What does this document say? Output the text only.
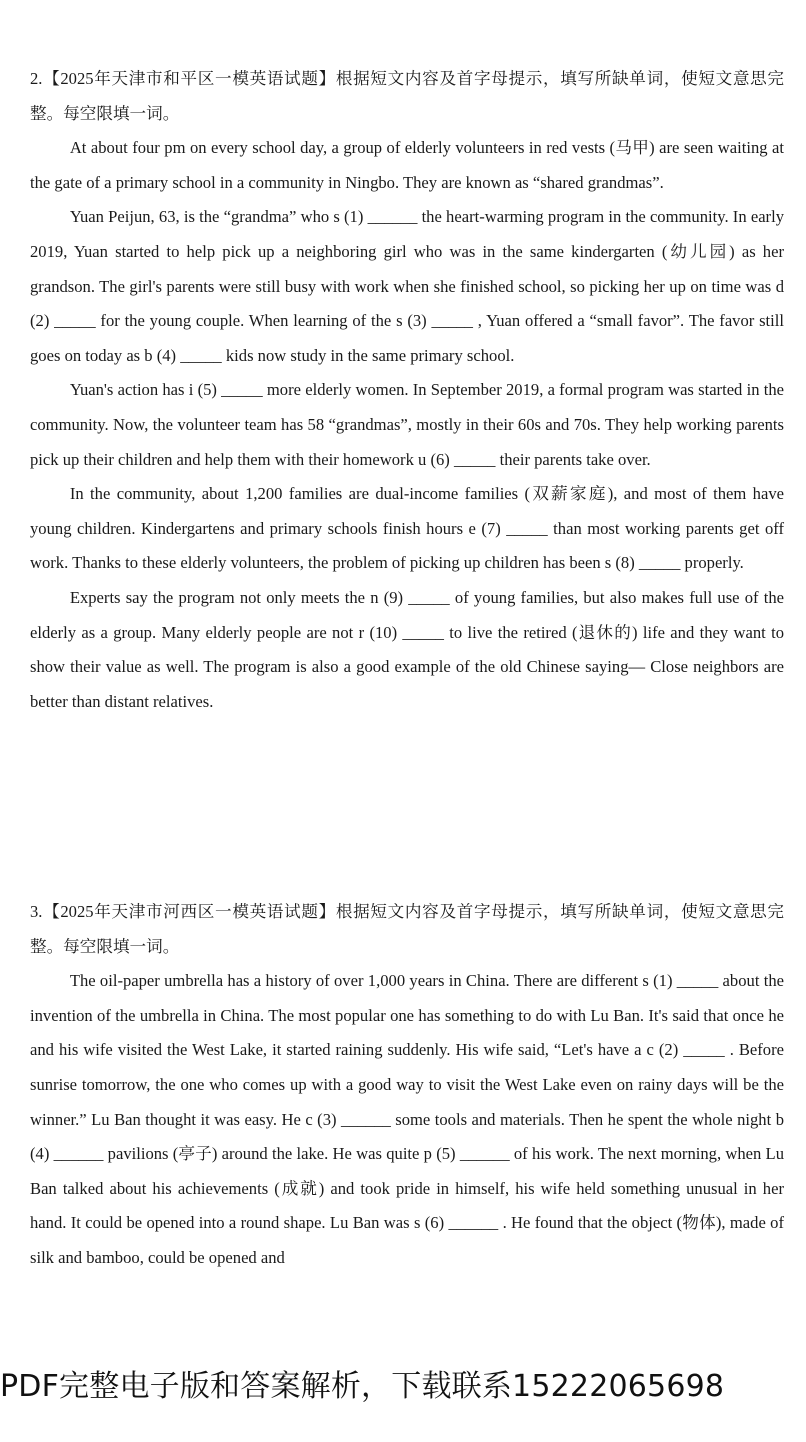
2.【2025年天津市和平区一模英语试题】根据短文内容及首字母提示，填写所缺单词，使短文意思完整。每空限填一词。

At about four pm on every school day, a group of elderly volunteers in red vests (马甲) are seen waiting at the gate of a primary school in a community in Ningbo. They are known as “shared grandmas”.

Yuan Peijun, 63, is the “grandma” who s (1) ______ the heart-warming program in the community. In early 2019, Yuan started to help pick up a neighboring girl who was in the same kindergarten (幼儿园) as her grandson. The girl's parents were still busy with work when she finished school, so picking her up on time was d (2) _____ for the young couple. When learning of the s (3) _____ , Yuan offered a “small favor”. The favor still goes on today as b (4) _____ kids now study in the same primary school.

Yuan's action has i (5) _____ more elderly women. In September 2019, a formal program was started in the community. Now, the volunteer team has 58 “grandmas”, mostly in their 60s and 70s. They help working parents pick up their children and help them with their homework u (6) _____ their parents take over.

In the community, about 1,200 families are dual-income families (双薪家庭), and most of them have young children. Kindergartens and primary schools finish hours e (7) _____ than most working parents get off work. Thanks to these elderly volunteers, the problem of picking up children has been s (8) _____ properly.

Experts say the program not only meets the n (9) _____ of young families, but also makes full use of the elderly as a group. Many elderly people are not r (10) _____ to live the retired (退休的) life and they want to show their value as well. The program is also a good example of the old Chinese saying— Close neighbors are better than distant relatives.

3.【2025年天津市河西区一模英语试题】根据短文内容及首字母提示，填写所缺单词，使短文意思完整。每空限填一词。

The oil-paper umbrella has a history of over 1,000 years in China. There are different s (1) _____ about the invention of the umbrella in China. The most popular one has something to do with Lu Ban. It's said that once he and his wife visited the West Lake, it started raining suddenly. His wife said, “Let's have a c (2) _____ . Before sunrise tomorrow, the one who comes up with a good way to visit the West Lake even on rainy days will be the winner.” Lu Ban thought it was easy. He c (3) ______ some tools and materials. Then he spent the whole night b (4) ______ pavilions (亭子) around the lake. He was quite p (5) ______ of his work. The next morning, when Lu Ban talked about his achievements (成就) and took pride in himself, his wife held something unusual in her hand. It could be opened into a round shape. Lu Ban was s (6) ______ . He found that the object (物体), made of silk and bamboo, could be opened and

PDF完整电子版和答案解析，下载联系15222065698
